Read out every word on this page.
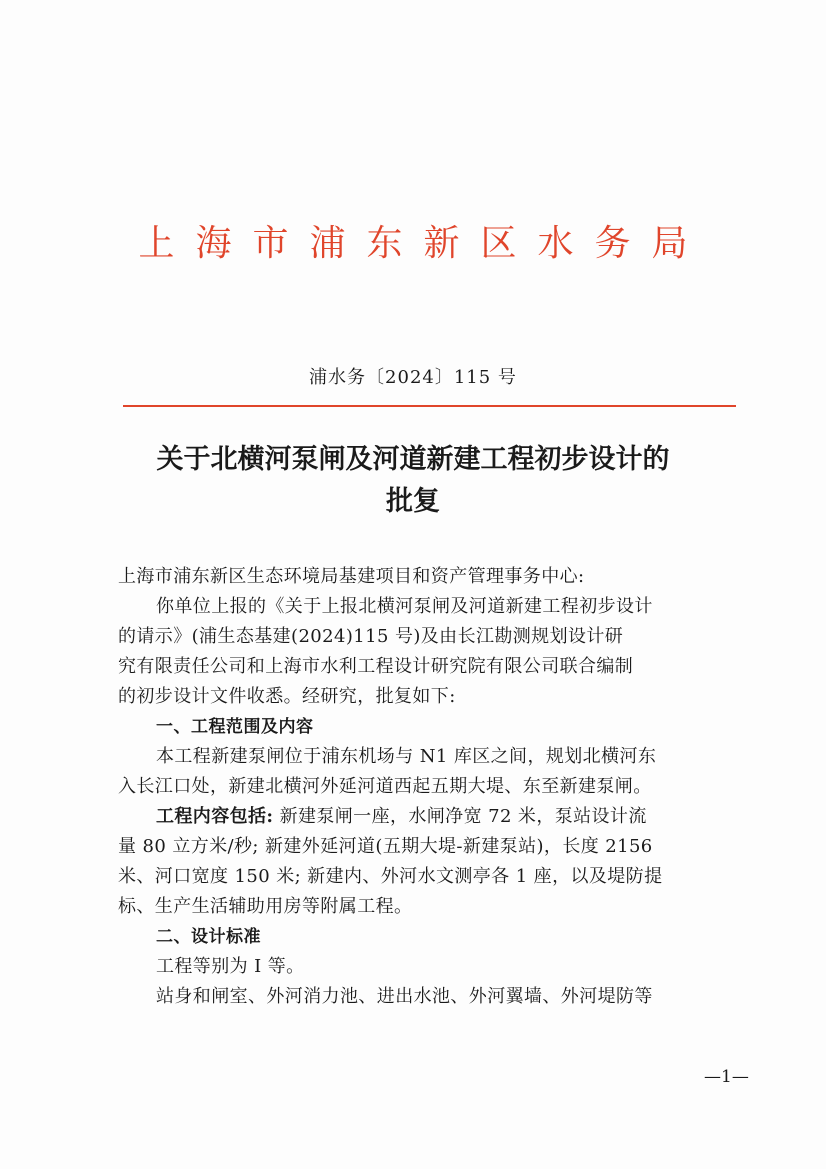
上海市浦东新区水务局
浦水务〔2024〕115 号
关于北横河泵闸及河道新建工程初步设计的
批复
上海市浦东新区生态环境局基建项目和资产管理事务中心:
你单位上报的《关于上报北横河泵闸及河道新建工程初步设计
的请示》(浦生态基建(2024)115 号)及由长江勘测规划设计研
究有限责任公司和上海市水利工程设计研究院有限公司联合编制
的初步设计文件收悉。经研究，批复如下:
一、工程范围及内容
本工程新建泵闸位于浦东机场与 N1 库区之间，规划北横河东
入长江口处，新建北横河外延河道西起五期大堤、东至新建泵闸。
工程内容包括: 新建泵闸一座，水闸净宽 72 米，泵站设计流
量 80 立方米/秒; 新建外延河道(五期大堤-新建泵站)，长度 2156
米、河口宽度 150 米; 新建内、外河水文测亭各 1 座，以及堤防提
标、生产生活辅助用房等附属工程。
二、设计标准
工程等别为 I 等。
站身和闸室、外河消力池、进出水池、外河翼墙、外河堤防等
—1—
